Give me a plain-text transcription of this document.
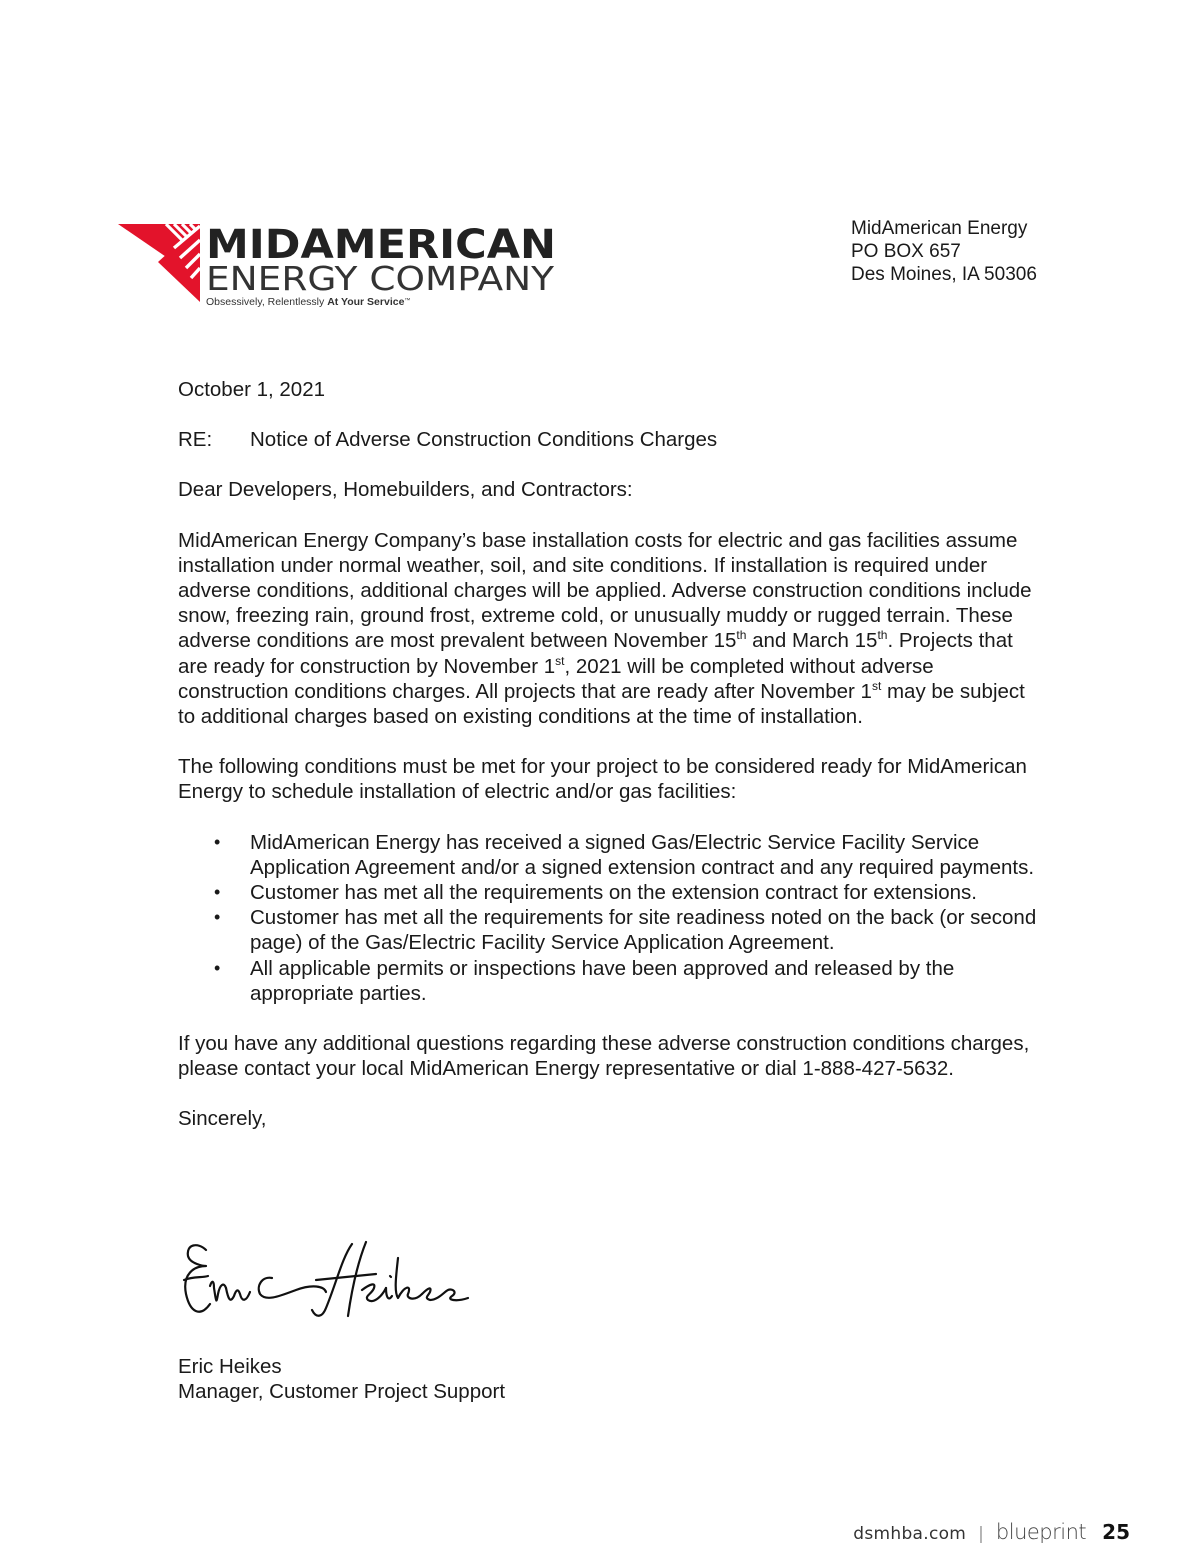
MIDAMERICAN
ENERGY COMPANY
Obsessively, Relentlessly At Your Service™
MidAmerican Energy
PO BOX 657
Des Moines, IA 50306

October 1, 2021

RE: Notice of Adverse Construction Conditions Charges

Dear Developers, Homebuilders, and Contractors:

MidAmerican Energy Company’s base installation costs for electric and gas facilities assume installation under normal weather, soil, and site conditions. If installation is required under adverse conditions, additional charges will be applied. Adverse construction conditions include snow, freezing rain, ground frost, extreme cold, or unusually muddy or rugged terrain. These adverse conditions are most prevalent between November 15th and March 15th. Projects that are ready for construction by November 1st, 2021 will be completed without adverse construction conditions charges. All projects that are ready after November 1st may be subject to additional charges based on existing conditions at the time of installation.

The following conditions must be met for your project to be considered ready for MidAmerican Energy to schedule installation of electric and/or gas facilities:

• MidAmerican Energy has received a signed Gas/Electric Service Facility Service Application Agreement and/or a signed extension contract and any required payments.
• Customer has met all the requirements on the extension contract for extensions.
• Customer has met all the requirements for site readiness noted on the back (or second page) of the Gas/Electric Facility Service Application Agreement.
• All applicable permits or inspections have been approved and released by the appropriate parties.

If you have any additional questions regarding these adverse construction conditions charges, please contact your local MidAmerican Energy representative or dial 1-888-427-5632.

Sincerely,

Eric Heikes
Manager, Customer Project Support
dsmhba.com | blueprint 25
